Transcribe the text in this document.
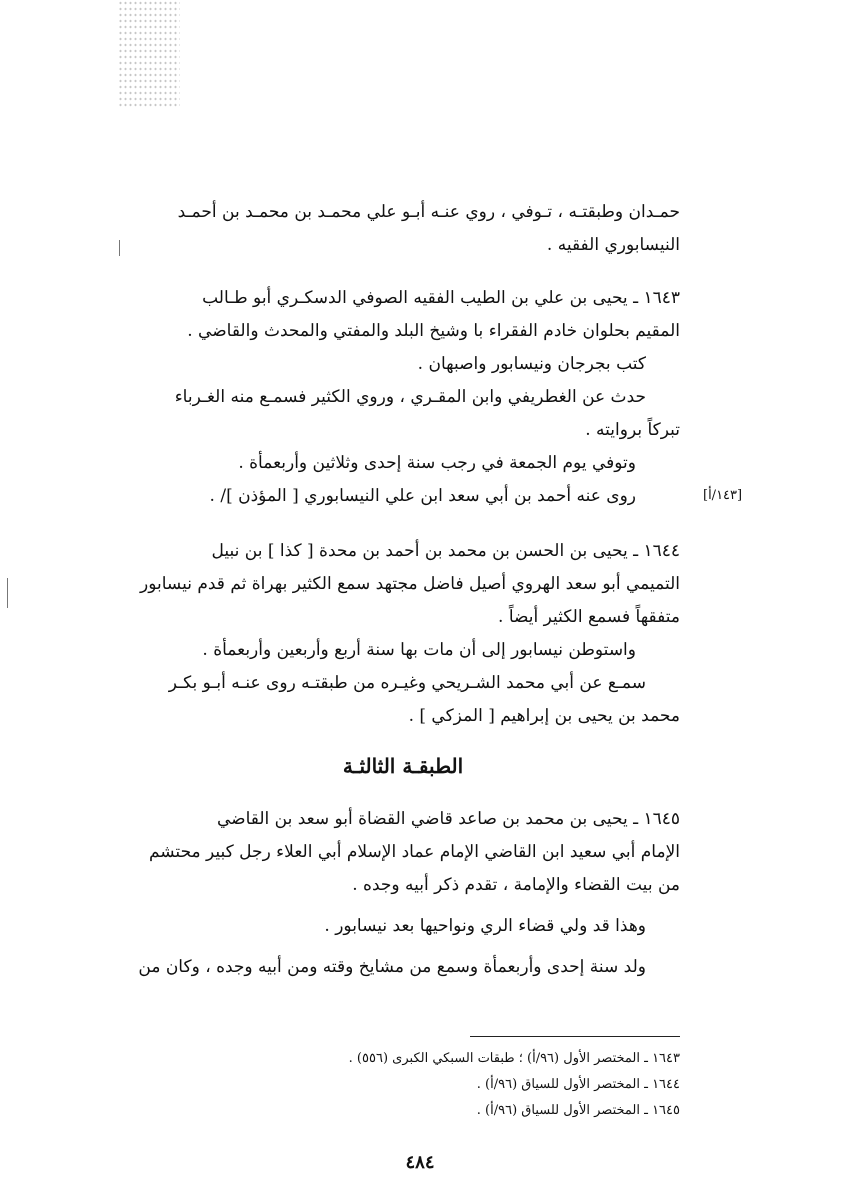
حمـدان وطبقتـه ، تـوفي ، روي عنـه أبـو علي محمـد بن محمـد بن أحمـد

النيسابوري الفقيه .

١٦٤٣ ـ يحيى بن علي بن الطيب الفقيه الصوفي الدسكـري أبو طـالب

المقيم بحلوان خادم الفقراء با وشيخ البلد والمفتي والمحدث والقاضي .

كتب بجرجان ونيسابور واصبهان .

حدث عن الغطريفي وابن المقـري ، وروي الكثير فسمـع منه الغـرباء

تبركاً بروايته .

وتوفي يوم الجمعة في رجب سنة إحدى وثلاثين وأربعمأة .

روى عنه أحمد بن أبي سعد ابن علي النيسابوري [ المؤذن ]/ .	[١٤٣/أ]

١٦٤٤ ـ يحيى بن الحسن بن محمد بن أحمد بن محدة [ كذا ] بن نبيل

التميمي أبو سعد الهروي أصيل فاضل مجتهد سمع الكثير بهراة ثم قدم نيسابور

متفقهاً فسمع الكثير أيضاً .

واستوطن نيسابور إلى أن مات بها سنة أربع وأربعين وأربعمأة .

سمـع عن أبي محمد الشـريحي وغيـره من طبقتـه روى عنـه أبـو بكـر

محمد بن يحيى بن إبراهيم [ المزكي ] .

الطبقـة الثالثـة

١٦٤٥ ـ يحيى بن محمد بن صاعد قاضي القضاة أبو سعد بن القاضي

الإمام أبي سعيد ابن القاضي الإمام عماد الإسلام أبي العلاء رجل كبير محتشم

من بيت القضاء والإمامة ، تقدم ذكر أبيه وجده .

وهذا قد ولي قضاء الري ونواحيها بعد نيسابور .

ولد سنة إحدى وأربعمأة وسمع من مشايخ وقته ومن أبيه وجده ، وكان من

١٦٤٣ ـ المختصر الأول (٩٦/أ) ؛ طبقات السبكي الكبرى (٥٥٦) .

١٦٤٤ ـ المختصر الأول للسياق (٩٦/أ) .

١٦٤٥ ـ المختصر الأول للسياق (٩٦/أ) .

٤٨٤
